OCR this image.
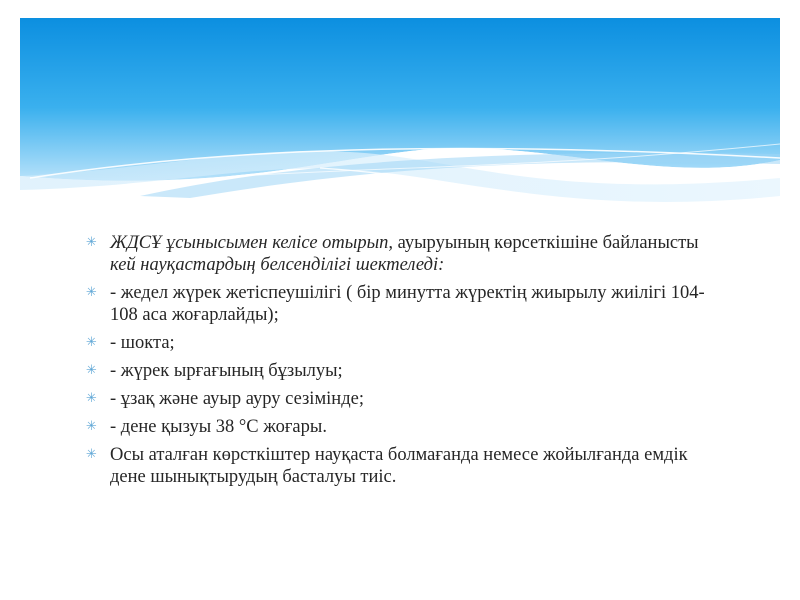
✳ ЖДСҰ ұсынысымен келісе отырып, ауыруының көрсеткішіне байланысты кей науқастардың белсенділігі шектеледі:
✳ - жедел жүрек жетіспеушілігі ( бір минутта жүректің жиырылу жиілігі 104- 108 аса жоғарлайды);
✳ - шокта;
✳ - жүрек ырғағының бұзылуы;
✳ - ұзақ және ауыр ауру сезімінде;
✳ - дене қызуы 38 °С жоғары.
✳ Осы аталған көрсткіштер науқаста болмағанда немесе жойылғанда емдік дене шынықтырудың басталуы тиіс.
